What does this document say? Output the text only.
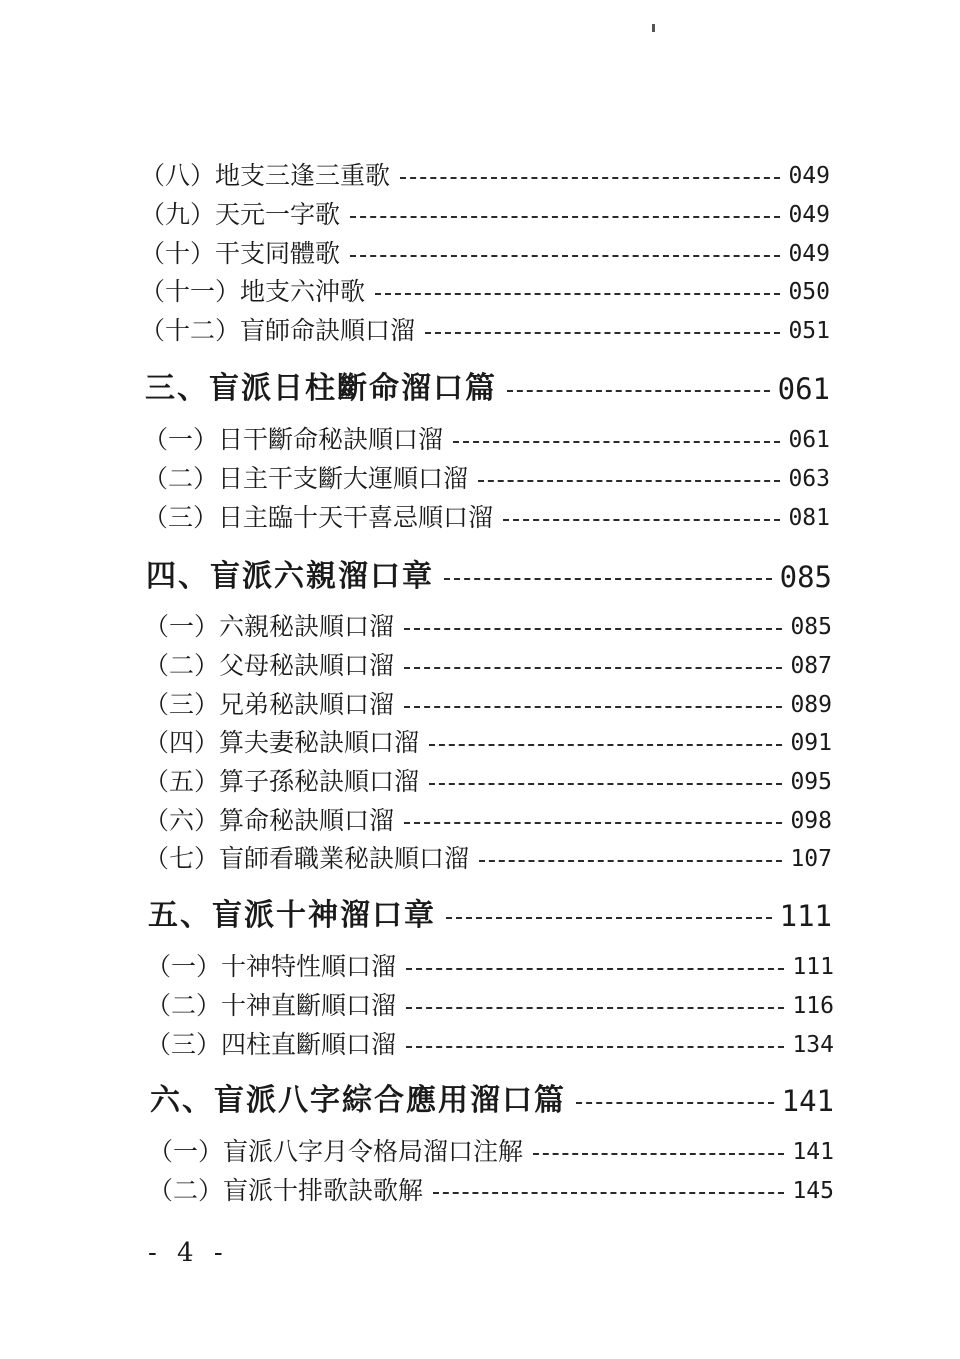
（八）地支三逢三重歌	049
（九）天元一字歌	049
（十）干支同體歌	049
（十一）地支六沖歌	050
（十二）盲師命訣順口溜	051
三、盲派日柱斷命溜口篇	061
（一）日干斷命秘訣順口溜	061
（二）日主干支斷大運順口溜	063
（三）日主臨十天干喜忌順口溜	081
四、盲派六親溜口章	085
（一）六親秘訣順口溜	085
（二）父母秘訣順口溜	087
（三）兄弟秘訣順口溜	089
（四）算夫妻秘訣順口溜	091
（五）算子孫秘訣順口溜	095
（六）算命秘訣順口溜	098
（七）盲師看職業秘訣順口溜	107
五、盲派十神溜口章	111
（一）十神特性順口溜	111
（二）十神直斷順口溜	116
（三）四柱直斷順口溜	134
六、盲派八字綜合應用溜口篇	141
（一）盲派八字月令格局溜口注解	141
（二）盲派十排歌訣歌解	145
- 4 -
